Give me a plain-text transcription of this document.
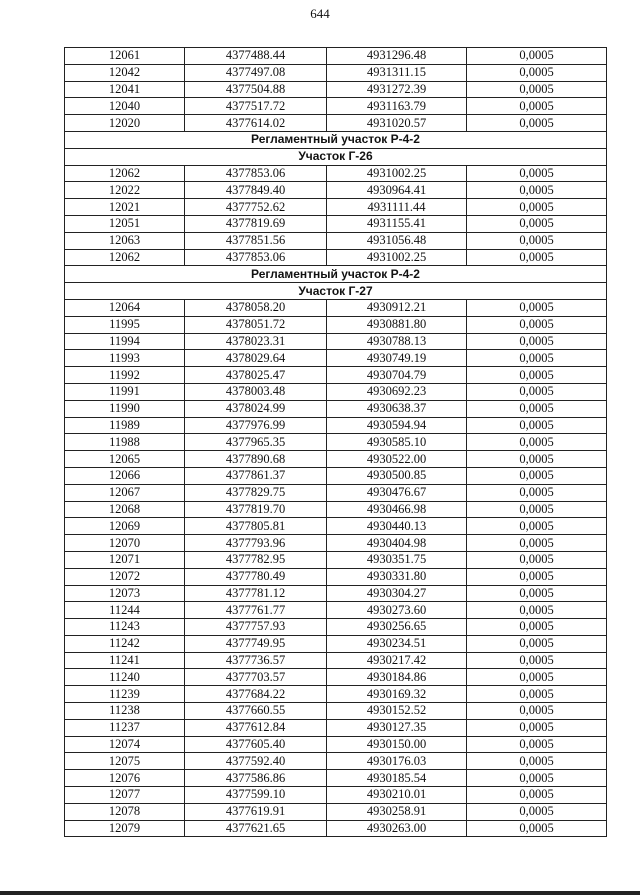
644
12061	4377488.44	4931296.48	0,0005
12042	4377497.08	4931311.15	0,0005
12041	4377504.88	4931272.39	0,0005
12040	4377517.72	4931163.79	0,0005
12020	4377614.02	4931020.57	0,0005
Регламентный участок Р-4-2			
Участок Г-26			
12062	4377853.06	4931002.25	0,0005
12022	4377849.40	4930964.41	0,0005
12021	4377752.62	4931111.44	0,0005
12051	4377819.69	4931155.41	0,0005
12063	4377851.56	4931056.48	0,0005
12062	4377853.06	4931002.25	0,0005
Регламентный участок Р-4-2			
Участок Г-27			
12064	4378058.20	4930912.21	0,0005
11995	4378051.72	4930881.80	0,0005
11994	4378023.31	4930788.13	0,0005
11993	4378029.64	4930749.19	0,0005
11992	4378025.47	4930704.79	0,0005
11991	4378003.48	4930692.23	0,0005
11990	4378024.99	4930638.37	0,0005
11989	4377976.99	4930594.94	0,0005
11988	4377965.35	4930585.10	0,0005
12065	4377890.68	4930522.00	0,0005
12066	4377861.37	4930500.85	0,0005
12067	4377829.75	4930476.67	0,0005
12068	4377819.70	4930466.98	0,0005
12069	4377805.81	4930440.13	0,0005
12070	4377793.96	4930404.98	0,0005
12071	4377782.95	4930351.75	0,0005
12072	4377780.49	4930331.80	0,0005
12073	4377781.12	4930304.27	0,0005
11244	4377761.77	4930273.60	0,0005
11243	4377757.93	4930256.65	0,0005
11242	4377749.95	4930234.51	0,0005
11241	4377736.57	4930217.42	0,0005
11240	4377703.57	4930184.86	0,0005
11239	4377684.22	4930169.32	0,0005
11238	4377660.55	4930152.52	0,0005
11237	4377612.84	4930127.35	0,0005
12074	4377605.40	4930150.00	0,0005
12075	4377592.40	4930176.03	0,0005
12076	4377586.86	4930185.54	0,0005
12077	4377599.10	4930210.01	0,0005
12078	4377619.91	4930258.91	0,0005
12079	4377621.65	4930263.00	0,0005
